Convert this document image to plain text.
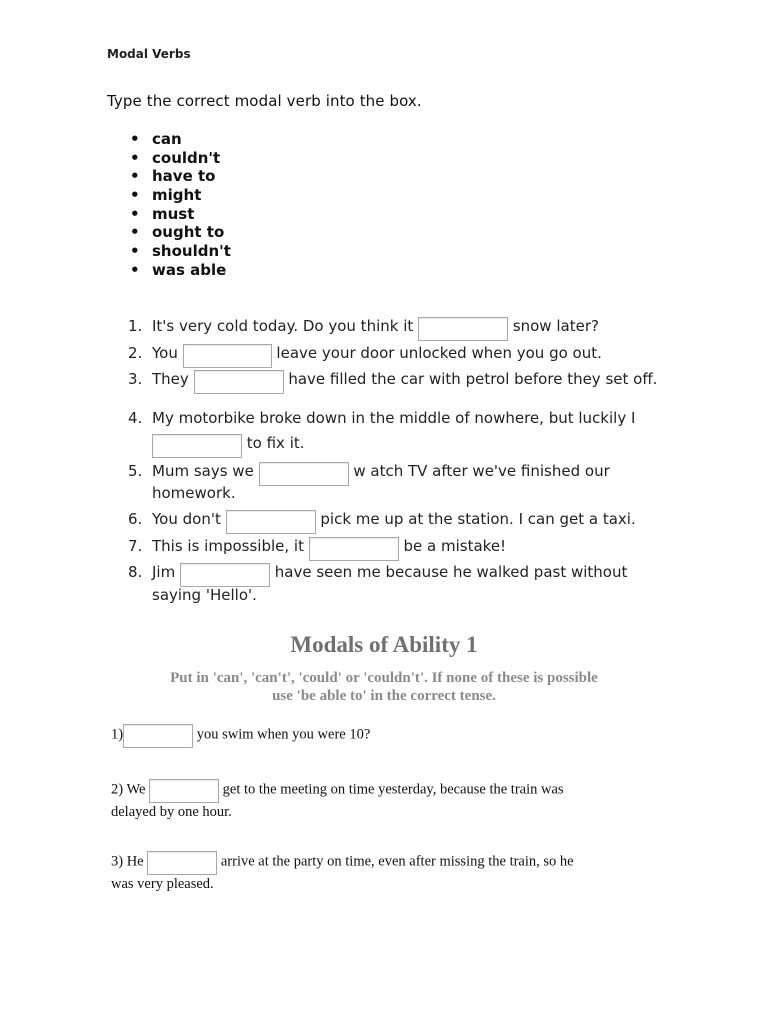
Modal Verbs
Type the correct modal verb into the box.
• can
• couldn't
• have to
• might
• must
• ought to
• shouldn't
• was able
1. It's very cold today. Do you think it	snow later?
2. You	leave your door unlocked when you go out.
3. They	have filled the car with petrol before they set off.
4. My motorbike broke down in the middle of nowhere, but luckily I
to fix it.
5. Mum says we	w atch TV after we've finished our
homework.
6. You don't	pick me up at the station. I can get a taxi.
7. This is impossible, it	be a mistake!
8. Jim	have seen me because he walked past without
saying 'Hello'.
Modals of Ability 1
Put in 'can', 'can't', 'could' or 'couldn't'. If none of these is possible
use 'be able to' in the correct tense.
1)	you swim when you were 10?
2) We	get to the meeting on time yesterday, because the train was
delayed by one hour.
3) He	arrive at the party on time, even after missing the train, so he
was very pleased.
